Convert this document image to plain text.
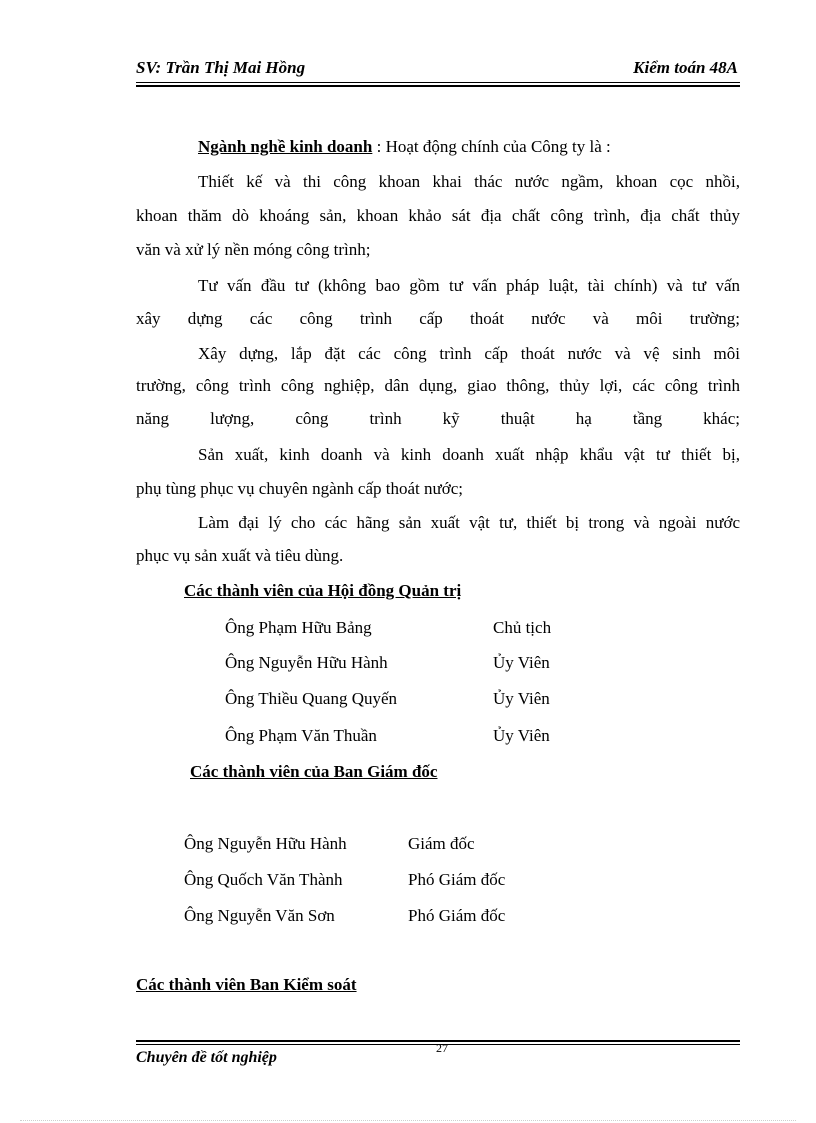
SV: Trần Thị Mai Hồng	Kiểm toán 48A
Ngành nghề kinh doanh : Hoạt động chính của Công ty là :
Thiết kế và thi công khoan khai thác nước ngầm, khoan cọc nhồi,
khoan thăm dò khoáng sản, khoan khảo sát địa chất công trình, địa chất thủy
văn và xử lý nền móng công trình;
Tư vấn đầu tư (không bao gồm tư vấn pháp luật, tài chính) và tư vấn
xây dựng các công trình cấp thoát nước và môi trường;
Xây dựng, lắp đặt các công trình cấp thoát nước và vệ sinh môi
trường, công trình công nghiệp, dân dụng, giao thông, thủy lợi, các công trình
năng lượng, công trình kỹ thuật hạ tầng khác;
Sản xuất, kinh doanh và kinh doanh xuất nhập khẩu vật tư thiết bị,
phụ tùng phục vụ chuyên ngành cấp thoát nước;
Làm đại lý cho các hãng sản xuất vật tư, thiết bị trong và ngoài nước
phục vụ sản xuất và tiêu dùng.
Các thành viên của Hội đồng Quản trị
Ông Phạm Hữu Bảng	Chủ tịch
Ông Nguyễn Hữu Hành	Ủy Viên
Ông Thiều Quang Quyến	Ủy Viên
Ông Phạm Văn Thuần	Ủy Viên
Các thành viên của Ban Giám đốc
Ông Nguyễn Hữu Hành	Giám đốc
Ông Quốch Văn Thành	Phó Giám đốc
Ông Nguyễn Văn Sơn	Phó Giám đốc
Các thành viên Ban Kiểm soát
27
Chuyên đề tốt nghiệp
